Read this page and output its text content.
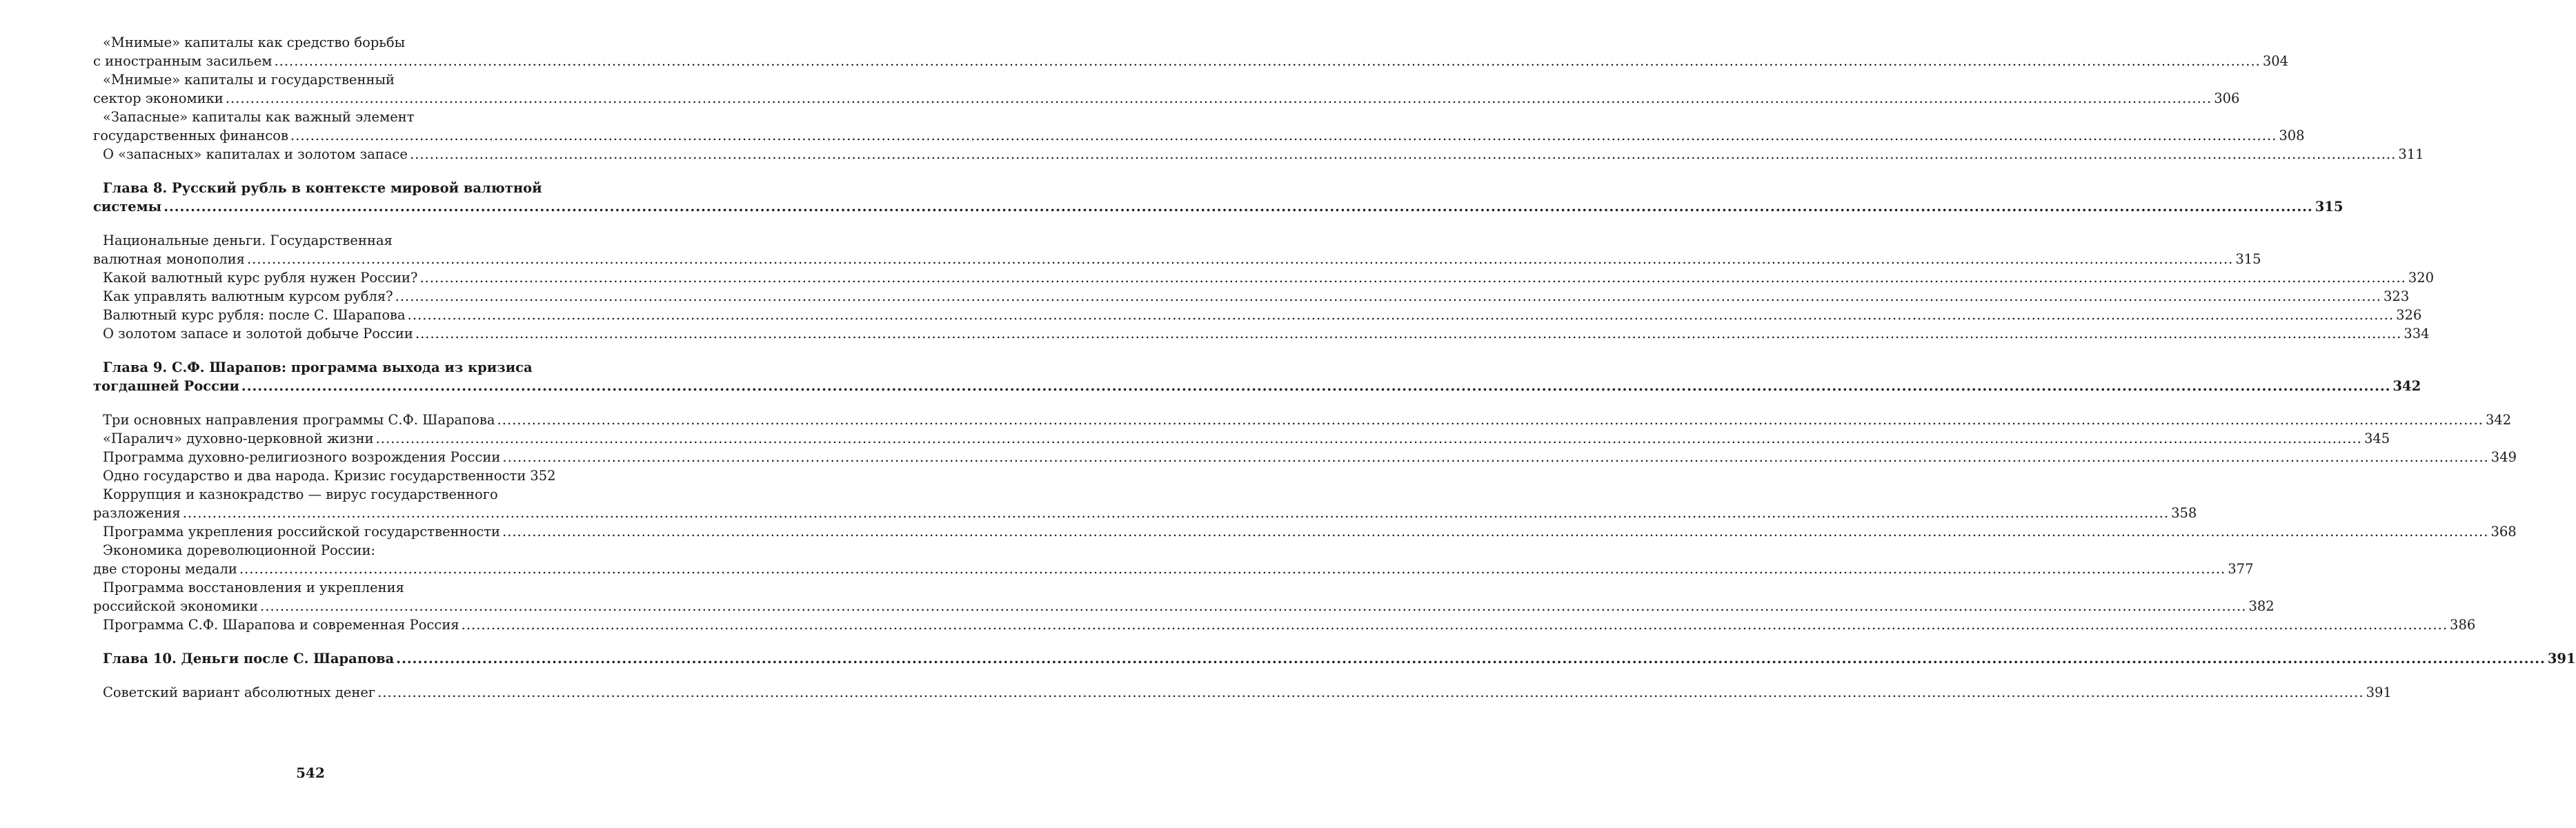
«Мнимые» капиталы как средство борьбы
с иностранным засильем ................................................................................................................................................................................................................................................................................................................................................................................................................ 304
«Мнимые» капиталы и государственный
сектор экономики ................................................................................................................................................................................................................................................................................................................................................................................................................ 306
«Запасные» капиталы как важный элемент
государственных финансов ................................................................................................................................................................................................................................................................................................................................................................................................................ 308
О «запасных» капиталах и золотом запасе ................................................................................................................................................................................................................................................................................................................................................................................................................ 311
Глава 8. Русский рубль в контексте мировой валютной
системы ................................................................................................................................................................................................................................................................................................................................................................................................................ 315
Национальные деньги. Государственная
валютная монополия ................................................................................................................................................................................................................................................................................................................................................................................................................ 315
Какой валютный курс рубля нужен России? ................................................................................................................................................................................................................................................................................................................................................................................................................ 320
Как управлять валютным курсом рубля? ................................................................................................................................................................................................................................................................................................................................................................................................................ 323
Валютный курс рубля: после С. Шарапова ................................................................................................................................................................................................................................................................................................................................................................................................................ 326
О золотом запасе и золотой добыче России ................................................................................................................................................................................................................................................................................................................................................................................................................ 334
Глава 9. С.Ф. Шарапов: программа выхода из кризиса
тогдашней России ................................................................................................................................................................................................................................................................................................................................................................................................................ 342
Три основных направления программы С.Ф. Шарапова ................................................................................................................................................................................................................................................................................................................................................................................................................ 342
«Паралич» духовно-церковной жизни ................................................................................................................................................................................................................................................................................................................................................................................................................ 345
Программа духовно-религиозного возрождения России ................................................................................................................................................................................................................................................................................................................................................................................................................ 349
Одно государство и два народа. Кризис государственности 352
Коррупция и казнокрадство — вирус государственного
разложения ................................................................................................................................................................................................................................................................................................................................................................................................................ 358
Программа укрепления российской государственности ................................................................................................................................................................................................................................................................................................................................................................................................................ 368
Экономика дореволюционной России:
две стороны медали ................................................................................................................................................................................................................................................................................................................................................................................................................ 377
Программа восстановления и укрепления
российской экономики ................................................................................................................................................................................................................................................................................................................................................................................................................ 382
Программа С.Ф. Шарапова и современная Россия ................................................................................................................................................................................................................................................................................................................................................................................................................ 386
Глава 10. Деньги после С. Шарапова ................................................................................................................................................................................................................................................................................................................................................................................................................ 391
Советский вариант абсолютных денег ................................................................................................................................................................................................................................................................................................................................................................................................................ 391
542
